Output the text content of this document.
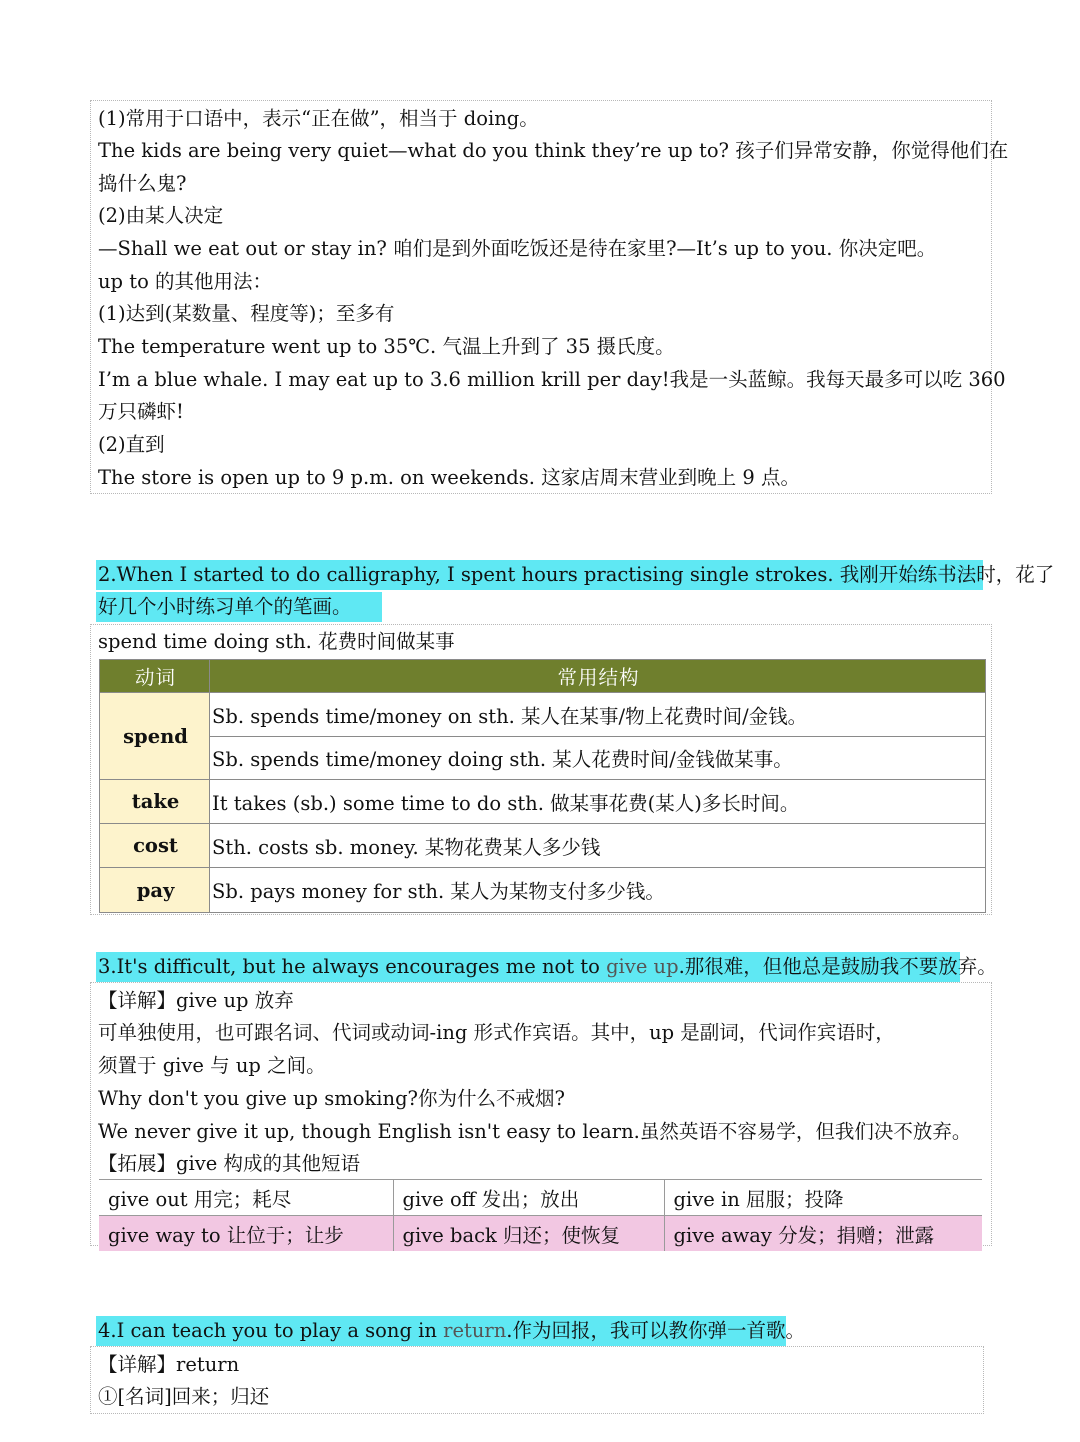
(1)常用于口语中，表示“正在做”，相当于 doing。
The kids are being very quiet—what do you think they’re up to? 孩子们异常安静，你觉得他们在
捣什么鬼?
(2)由某人决定
—Shall we eat out or stay in? 咱们是到外面吃饭还是待在家里?—It’s up to you. 你决定吧。
up to 的其他用法：
(1)达到(某数量、程度等)；至多有
The temperature went up to 35℃. 气温上升到了 35 摄氏度。
I’m a blue whale. I may eat up to 3.6 million krill per day!我是一头蓝鲸。我每天最多可以吃 360
万只磷虾!
(2)直到
The store is open up to 9 p.m. on weekends. 这家店周末营业到晚上 9 点。
2.When I started to do calligraphy, I spent hours practising single strokes. 我刚开始练书法时，花了
好几个小时练习单个的笔画。
spend time doing sth. 花费时间做某事
动词	常用结构
spend	Sb. spends time/money on sth. 某人在某事/物上花费时间/金钱。
	Sb. spends time/money doing sth. 某人花费时间/金钱做某事。
take	It takes (sb.) some time to do sth. 做某事花费(某人)多长时间。
cost	Sth. costs sb. money. 某物花费某人多少钱
pay	Sb. pays money for sth. 某人为某物支付多少钱。
3.It's difficult, but he always encourages me not to give up.那很难，但他总是鼓励我不要放弃。
【详解】give up 放弃
可单独使用，也可跟名词、代词或动词-ing 形式作宾语。其中，up 是副词，代词作宾语时，
须置于 give 与 up 之间。
Why don't you give up smoking?你为什么不戒烟?
We never give it up, though English isn't easy to learn.虽然英语不容易学，但我们决不放弃。
【拓展】give 构成的其他短语
give out 用完；耗尽	give off 发出；放出	give in 屈服；投降
give way to 让位于；让步	give back 归还；使恢复	give away 分发；捐赠；泄露
4.I can teach you to play a song in return.作为回报，我可以教你弹一首歌。
【详解】return
①[名词]回来；归还
